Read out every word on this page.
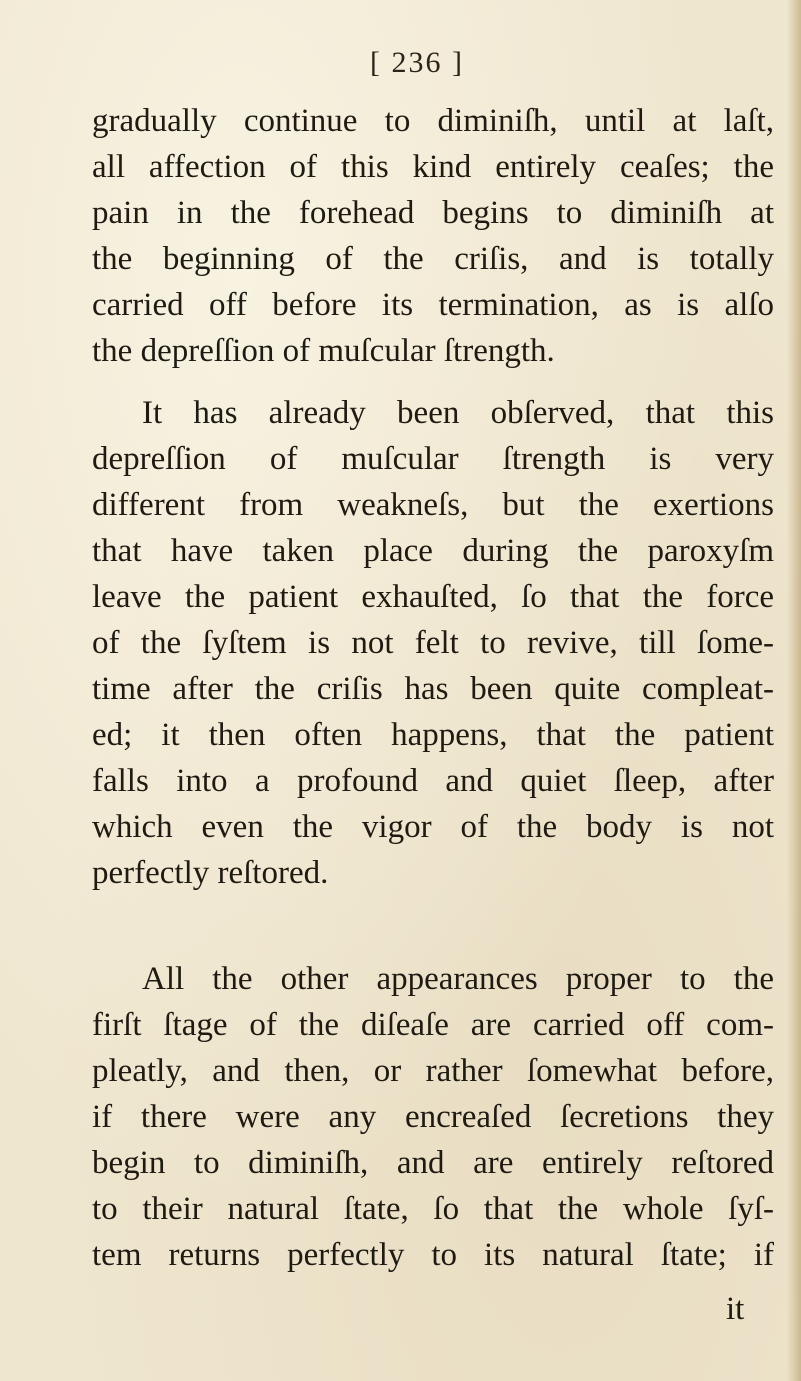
[ 236 ]
gradually continue to diminiſh, until at laſt,
all affection of this kind entirely ceaſes; the
pain in the forehead begins to diminiſh at
the beginning of the criſis, and is totally
carried off before its termination, as is alſo
the depreſſion of muſcular ſtrength.
It has already been obſerved, that this
depreſſion of muſcular ſtrength is very
different from weakneſs, but the exertions
that have taken place during the paroxyſm
leave the patient exhauſted, ſo that the force
of the ſyſtem is not felt to revive, till ſome-
time after the criſis has been quite compleat-
ed; it then often happens, that the patient
falls into a profound and quiet ſleep, after
which even the vigor of the body is not
perfectly reſtored.
All the other appearances proper to the
firſt ſtage of the diſeaſe are carried off com-
pleatly, and then, or rather ſomewhat before,
if there were any encreaſed ſecretions they
begin to diminiſh, and are entirely reſtored
to their natural ſtate, ſo that the whole ſyſ-
tem returns perfectly to its natural ſtate; if
it
